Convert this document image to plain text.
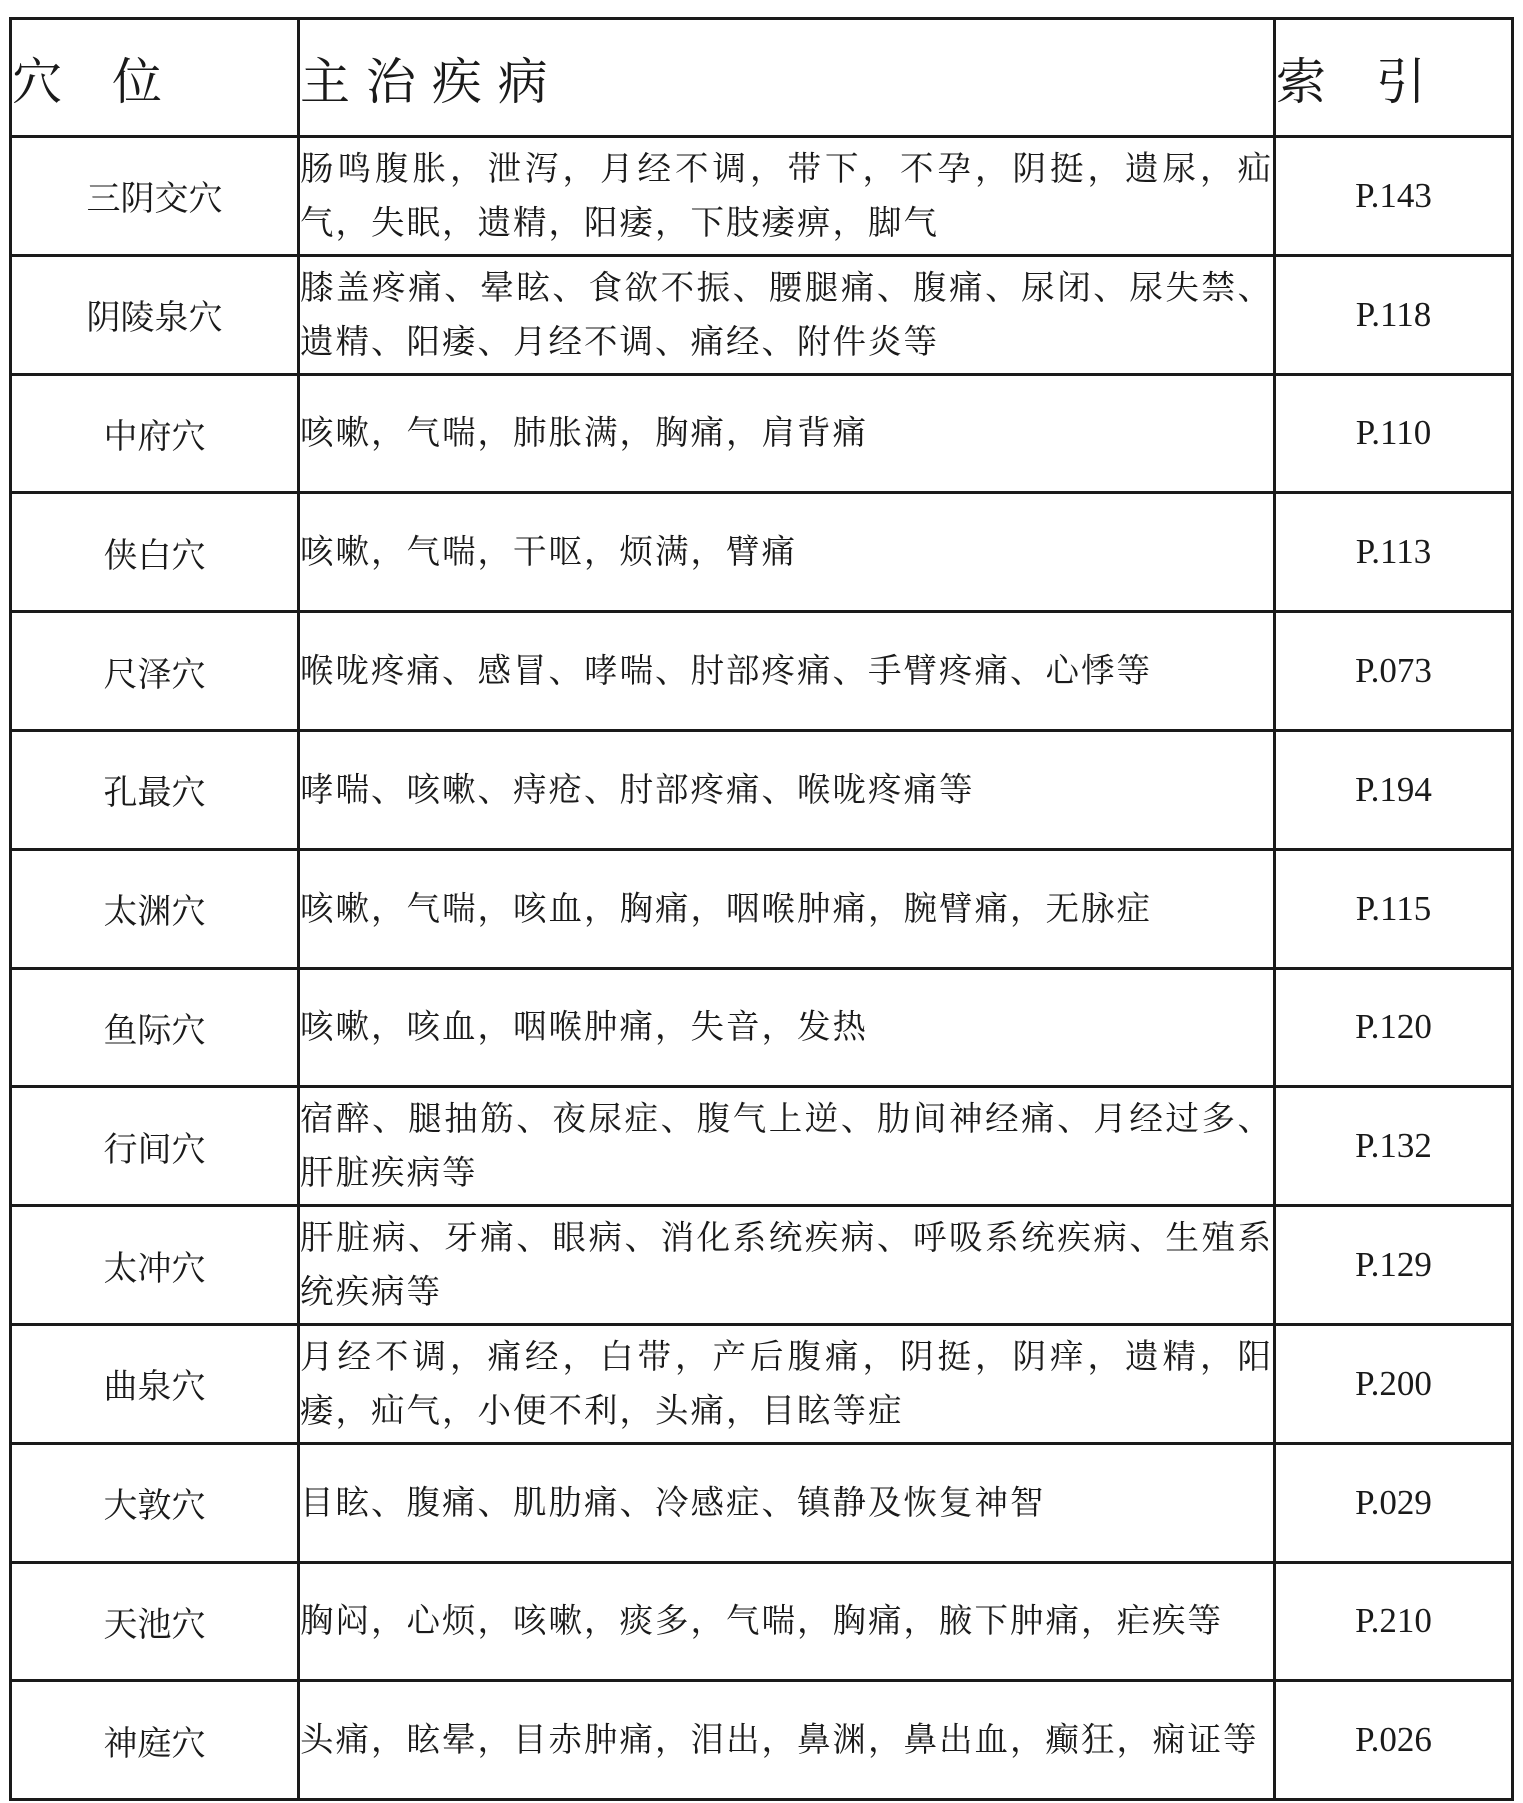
穴　位	主 治 疾 病	索　引
三阴交穴	肠鸣腹胀，泄泻，月经不调，带下，不孕，阴挺，遗尿，疝气，失眠，遗精，阳痿，下肢痿痹，脚气	P.143
阴陵泉穴	膝盖疼痛、晕眩、食欲不振、腰腿痛、腹痛、尿闭、尿失禁、遗精、阳痿、月经不调、痛经、附件炎等	P.118
中府穴	咳嗽，气喘，肺胀满，胸痛，肩背痛	P.110
侠白穴	咳嗽，气喘，干呕，烦满，臂痛	P.113
尺泽穴	喉咙疼痛、感冒、哮喘、肘部疼痛、手臂疼痛、心悸等	P.073
孔最穴	哮喘、咳嗽、痔疮、肘部疼痛、喉咙疼痛等	P.194
太渊穴	咳嗽，气喘，咳血，胸痛，咽喉肿痛，腕臂痛，无脉症	P.115
鱼际穴	咳嗽，咳血，咽喉肿痛，失音，发热	P.120
行间穴	宿醉、腿抽筋、夜尿症、腹气上逆、肋间神经痛、月经过多、肝脏疾病等	P.132
太冲穴	肝脏病、牙痛、眼病、消化系统疾病、呼吸系统疾病、生殖系统疾病等	P.129
曲泉穴	月经不调，痛经，白带，产后腹痛，阴挺，阴痒，遗精，阳痿，疝气，小便不利，头痛，目眩等症	P.200
大敦穴	目眩、腹痛、肌肋痛、冷感症、镇静及恢复神智	P.029
天池穴	胸闷，心烦，咳嗽，痰多，气喘，胸痛，腋下肿痛，疟疾等	P.210
神庭穴	头痛，眩晕，目赤肿痛，泪出，鼻渊，鼻出血，癫狂，痫证等	P.026
